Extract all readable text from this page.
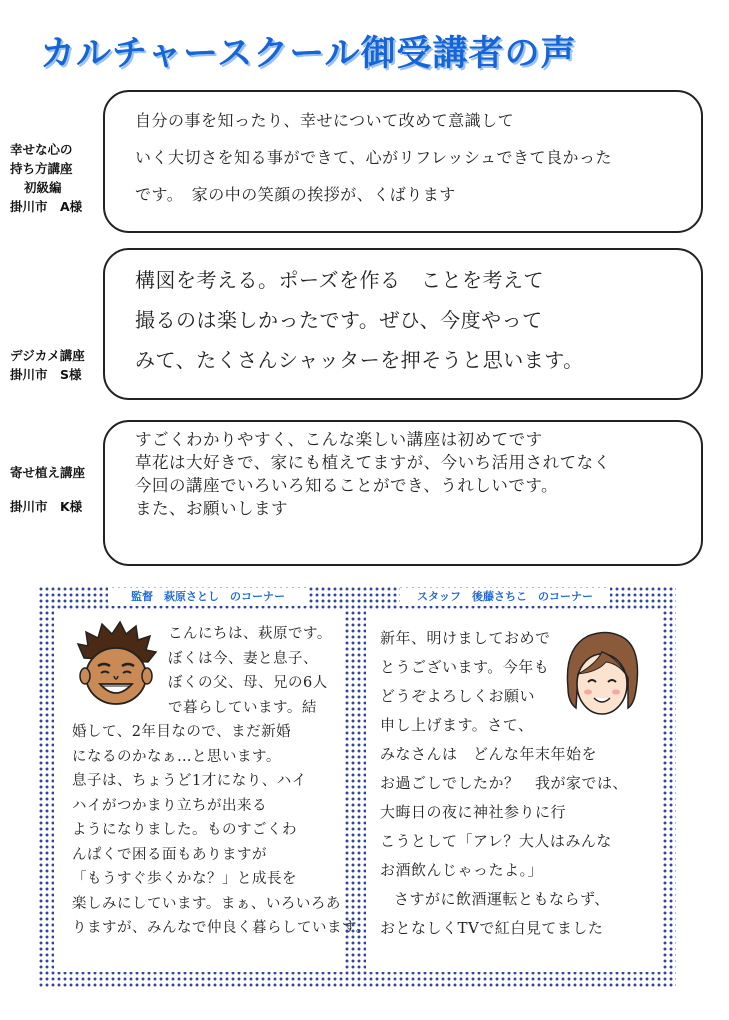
カルチャースクール御受講者の声
幸せな心の
持ち方講座
初級編
掛川市　A様

自分の事を知ったり、幸せについて改めて意識して

いく大切さを知る事ができて、心がリフレッシュできて良かった

です。　家の中の笑顔の挨拶が、くばります

デジカメ講座
掛川市　S様

構図を考える。ポーズを作る　ことを考えて

撮るのは楽しかったです。ぜひ、今度やって

みて、たくさんシャッターを押そうと思います。

寄せ植え講座
掛川市　K様

すごくわかりやすく、こんな楽しい講座は初めてです

草花は大好きで、家にも植えてますが、今いち活用されてなく

今回の講座でいろいろ知ることができ、うれしいです。

また、お願いします

監督　萩原さとし　のコーナー	スタッフ　後藤さちこ　のコーナー
こんにちは、萩原です。
ぼくは今、妻と息子、
ぼくの父、母、兄の6人
で暮らしています。結
婚して、2年目なので、まだ新婚
になるのかなぁ…と思います。
息子は、ちょうど1才になり、ハイ
ハイがつかまり立ちが出来る
ようになりました。ものすごくわ
んぱくで困る面もありますが
「もうすぐ歩くかな？」と成長を
楽しみにしています。まぁ、いろいろあ
りますが、みんなで仲良く暮らしています。
新年、明けましておめで
とうございます。今年も
どうぞよろしくお願い
申し上げます。さて、
みなさんは　どんな年末年始を
お過ごしでしたか？　我が家では、
大晦日の夜に神社参りに行
こうとして「アレ？大人はみんな
お酒飲んじゃったよ。」
さすがに飲酒運転ともならず、
おとなしくTVで紅白見てました
